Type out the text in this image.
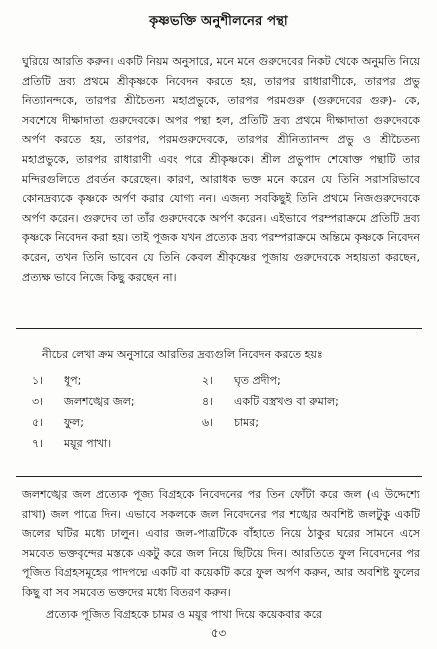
কৃষ্ণভক্তি অনুশীলনের পন্থা
ঘুরিয়ে আরতি করুন। একটি নিয়ম অনুসারে, মনে মনে গুরুদেবের নিকট থেকে অনুমতি নিয়ে প্রতিটি দ্রব্য প্রথমে শ্রীকৃষ্ণকে নিবেদন করতে হয়, তারপর রাধারাণীকে, তারপর প্রভু নিত্যানন্দকে, তারপর শ্রীচৈতন্য মহাপ্রভুকে, তারপর পরমগুরু (গুরুদেবের গুরু)- কে, সবশেষে দীক্ষাদাতা গুরুদেবকে। অপর পন্থা হল, প্রতিটি দ্রব্য প্রথমে দীক্ষাদাতা গুরুদেবকে অর্পণ করতে হয়, তারপর, পরমগুরুদেবকে, তারপর শ্রীনিত্যানন্দ প্রভু ও শ্রীচৈতন্য মহাপ্রভুকে, তারপর রাধারাণী এবং পরে শ্রীকৃষ্ণকে। শ্রীল প্রভুপাদ শেষোক্ত পন্থাটি তার মন্দিরগুলিতে প্রবর্তন করেছেন। কারণ, আরাধক ভক্ত মনে করেন যে তিনি সরাসরিভাবে কোনদ্রব্যকে কৃষ্ণকে অর্পণ করার যোগ্য নন। এজন্য সবকিছুই তিনি প্রথমে নিজগুরুদেবকে অর্পণ করেন। গুরুদেব তা তাঁর গুরুদেবকে অর্পণ করেন। এইভাবে পরম্পরাক্রমে প্রতিটি দ্রব্য কৃষ্ণকে নিবেদন করা হয়। তাই পূজক যখন প্রত্যেক দ্রব্য পরম্পরাক্রমে অন্তিমে কৃষ্ণকে নিবেদন করেন, তখন তিনি ভাবেন যে তিনি কেবল শ্রীকৃষ্ণের পূজায় গুরুদেবকে সহায়তা করছেন, প্রত্যক্ষ ভাবে নিজে কিছু করছেন না।
নীচের লেখা ক্রম অনুসারে আরতির দ্রব্যগুলি নিবেদন করতে হয়ঃ
১। ধূপ;	২। ঘৃত প্রদীপ;
৩। জলশঙ্খের জল;	৪। একটি বস্ত্রখণ্ড বা রুমাল;
৫। ফুল;	৬। চামর;
৭। ময়ূর পাখা।
জলশঙ্খের জল প্রত্যেক পূজ্য বিগ্রহকে নিবেদনের পর তিন ফোঁটা করে জল (এ উদ্দেশ্যে রাখা) জল পাত্রে দিন। এভাবে সকলকে জল নিবেদনের পর শঙ্খের অবশিষ্ট জলটুকু একটি জলের ঘটির মধ্যে ঢালুন। এবার জল-পাত্রটিকে বাঁহাতে নিয়ে ঠাকুর ঘরের সামনে এসে সমবেত ভক্তবৃন্দের মস্তকে একটু করে জল নিয়ে ছিটিয়ে দিন। আরতিতে ফুল নিবেদনের পর পূজিত বিগ্রহসমূহের পাদপদ্মে একটি বা কয়েকটি করে ফুল অর্পণ করুন, আর অবশিষ্ট ফুলের কিছু বা সব সমবেত ভক্তদের মধ্যে বিতরণ করুন।
প্রত্যেক পূজিত বিগ্রহকে চামর ও ময়ূর পাখা দিয়ে কয়েকবার করে
৫৩
